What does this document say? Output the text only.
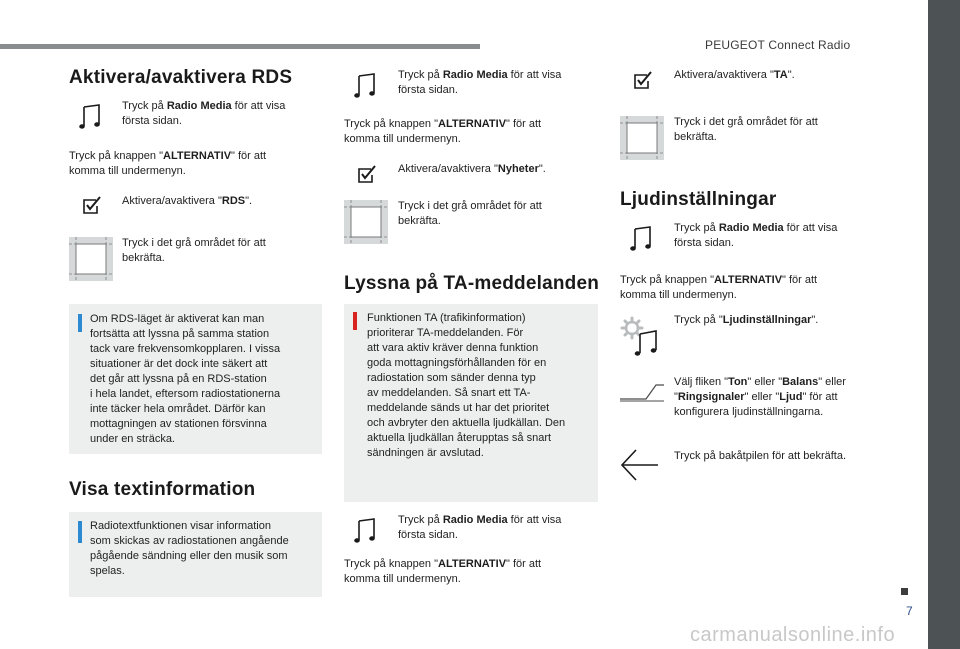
PEUGEOT Connect Radio
7
carmanualsonline.info
Aktivera/avaktivera RDS
Tryck på Radio Media för att visa
första sidan.
Tryck på knappen "ALTERNATIV" för att
komma till undermenyn.
Aktivera/avaktivera "RDS".
Tryck i det grå området för att
bekräfta.
Om RDS-läget är aktiverat kan man
fortsätta att lyssna på samma station
tack vare frekvensomkopplaren. I vissa
situationer är det dock inte säkert att
det går att lyssna på en RDS-station
i hela landet, eftersom radiostationerna
inte täcker hela området. Därför kan
mottagningen av stationen försvinna
under en sträcka.
Visa textinformation
Radiotextfunktionen visar information
som skickas av radiostationen angående
pågående sändning eller den musik som
spelas.
Tryck på Radio Media för att visa
första sidan.
Tryck på knappen "ALTERNATIV" för att
komma till undermenyn.
Aktivera/avaktivera "Nyheter".
Tryck i det grå området för att
bekräfta.
Lyssna på TA-meddelanden
Funktionen TA (trafikinformation)
prioriterar TA-meddelanden. För
att vara aktiv kräver denna funktion
goda mottagningsförhållanden för en
radiostation som sänder denna typ
av meddelanden. Så snart ett TA-
meddelande sänds ut har det prioritet
och avbryter den aktuella ljudkällan. Den
aktuella ljudkällan återupptas så snart
sändningen är avslutad.
Tryck på Radio Media för att visa
första sidan.
Tryck på knappen "ALTERNATIV" för att
komma till undermenyn.
Aktivera/avaktivera "TA".
Tryck i det grå området för att
bekräfta.
Ljudinställningar
Tryck på Radio Media för att visa
första sidan.
Tryck på knappen "ALTERNATIV" för att
komma till undermenyn.
Tryck på "Ljudinställningar".
Välj fliken "Ton" eller "Balans" eller
"Ringsignaler" eller "Ljud" för att
konfigurera ljudinställningarna.
Tryck på bakåtpilen för att bekräfta.
